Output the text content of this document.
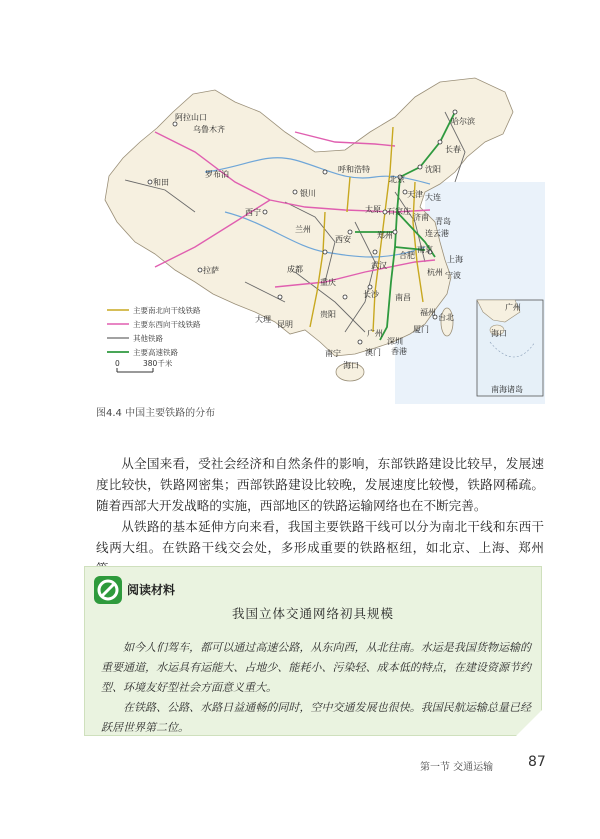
阿拉山口
乌鲁木齐
和田
罗布泊
拉萨
哈尔滨
长春
沈阳
呼和浩特
北京
天津 大连
银川
太原 石家庄
济南 青岛
西宁
兰州
西安	郑州	连云港
成都
重庆
武汉
合肥
南京
上海
杭州 宁波
昆明
贵阳
长沙 南昌
福州
厦门
台北
南宁
广州
深圳
香港
澳门
海口
大理
主要南北向干线铁路
主要东西向干线铁路
其他铁路
主要高速铁路
0	380千米
广州
海口
南海诸岛
图4.4 中国主要铁路的分布

从全国来看，受社会经济和自然条件的影响，东部铁路建设比较早，发展速度比较快，铁路网密集；西部铁路建设比较晚，发展速度比较慢，铁路网稀疏。随着西部大开发战略的实施，西部地区的铁路运输网络也在不断完善。

从铁路的基本延伸方向来看，我国主要铁路干线可以分为南北干线和东西干线两大组。在铁路干线交会处，多形成重要的铁路枢纽，如北京、上海、郑州

阅读材料
我国立体交通网络初具规模

如今人们驾车，都可以通过高速公路，从东向西，从北往南。水运是我国货物运输的重要通道，水运具有运能大、占地少、能耗小、污染轻、成本低的特点，在建设资源节约型、环境友好型社会方面意义重大。

在铁路、公路、水路日益通畅的同时，空中交通发展也很快。我国民航运输总量已经跃居世界第二位。

第一节 交通运输 87
